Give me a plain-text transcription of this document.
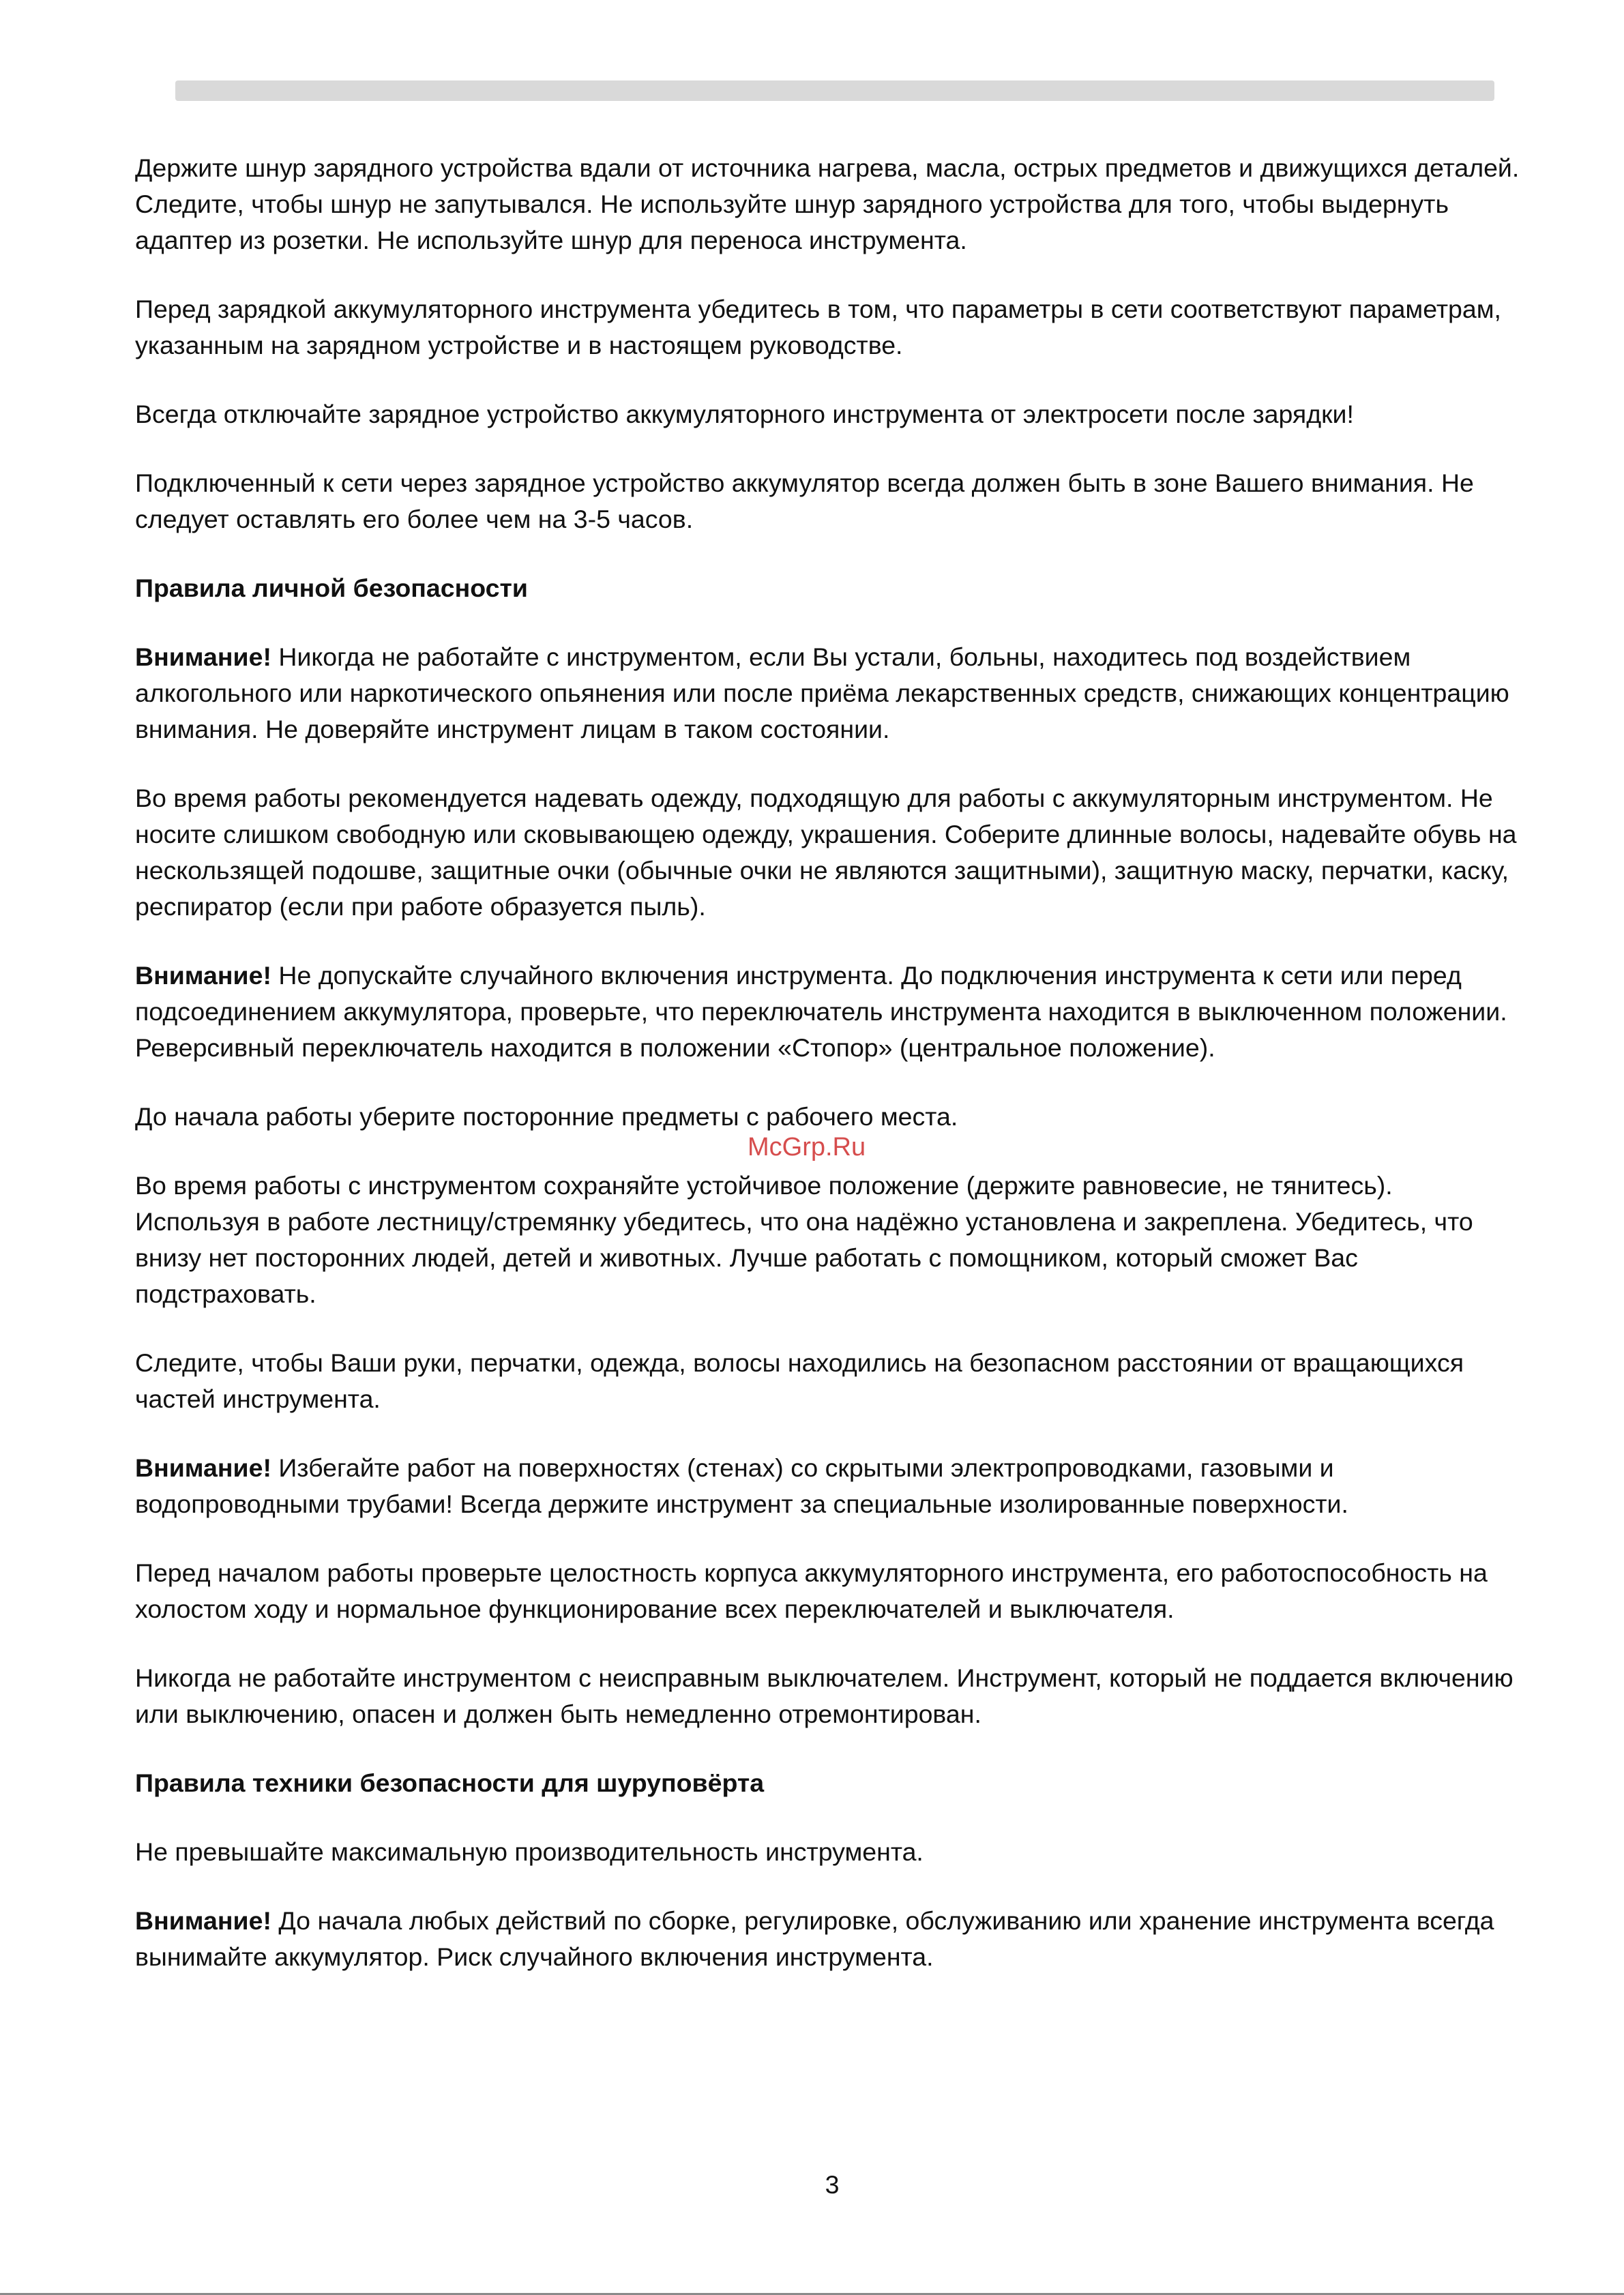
Держите шнур зарядного устройства вдали от источника нагрева, масла, острых предметов и движущихся деталей. Следите, чтобы шнур не запутывался. Не используйте шнур зарядного устройства для того, чтобы выдернуть адаптер из розетки. Не используйте шнур для переноса инструмента.

Перед зарядкой аккумуляторного инструмента убедитесь в том, что параметры в сети соответствуют параметрам, указанным на зарядном устройстве и в настоящем руководстве.

Всегда отключайте зарядное устройство аккумуляторного инструмента от электросети после зарядки!

Подключенный к сети через зарядное устройство аккумулятор всегда должен быть в зоне Вашего внимания. Не следует оставлять его более чем на 3-5 часов.

Правила личной безопасности

Внимание! Никогда не работайте с инструментом, если Вы устали, больны, находитесь под воздействием алкогольного или наркотического опьянения или после приёма лекарственных средств, снижающих концентрацию внимания. Не доверяйте инструмент лицам в таком состоянии.

Во время работы рекомендуется надевать одежду, подходящую для работы с аккумуляторным инструментом. Не носите слишком свободную или сковывающею одежду, украшения. Соберите длинные волосы, надевайте обувь на нескользящей подошве, защитные очки (обычные очки не являются защитными), защитную маску, перчатки, каску, респиратор (если при работе образуется пыль).

Внимание! Не допускайте случайного включения инструмента. До подключения инструмента к сети или перед подсоединением аккумулятора, проверьте, что переключатель инструмента находится в выключенном положении. Реверсивный переключатель находится в положении «Стопор» (центральное положение).

До начала работы уберите посторонние предметы с рабочего места.

Во время работы с инструментом сохраняйте устойчивое положение (держите равновесие, не тянитесь). Используя в работе лестницу/стремянку убедитесь, что она надёжно установлена и закреплена. Убедитесь, что внизу нет посторонних людей, детей и животных. Лучше работать с помощником, который сможет Вас подстраховать.

Следите, чтобы Ваши руки, перчатки, одежда, волосы находились на безопасном расстоянии от вращающихся частей инструмента.

Внимание! Избегайте работ на поверхностях (стенах) со скрытыми электропроводками, газовыми и водопроводными трубами! Всегда держите инструмент за специальные изолированные поверхности.

Перед началом работы проверьте целостность корпуса аккумуляторного инструмента, его работоспособность на холостом ходу и нормальное функционирование всех переключателей и выключателя.

Никогда не работайте инструментом с неисправным выключателем. Инструмент, который не поддается включению или выключению, опасен и должен быть немедленно отремонтирован.

Правила техники безопасности для шуруповёрта

Не превышайте максимальную производительность инструмента.

Внимание! До начала любых действий по сборке, регулировке, обслуживанию или хранение инструмента всегда вынимайте аккумулятор. Риск случайного включения инструмента.

McGrp.Ru
3
